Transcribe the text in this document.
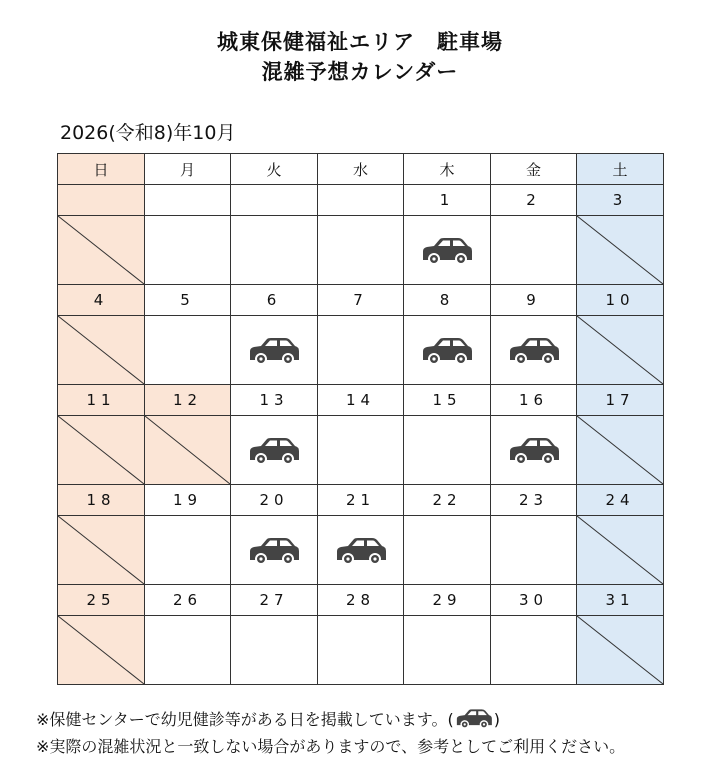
城東保健福祉エリア　駐車場
混雑予想カレンダー
2026(令和8)年10月
日	月	火	水	木	金	土
				1	2	3

4	5	6	7	8	9	10

11	12	13	14	15	16	17

18	19	20	21	22	23	24

25	26	27	28	29	30	31

※保健センターで幼児健診等がある日を掲載しています。(	)
※実際の混雑状況と一致しない場合がありますので、参考としてご利用ください。
